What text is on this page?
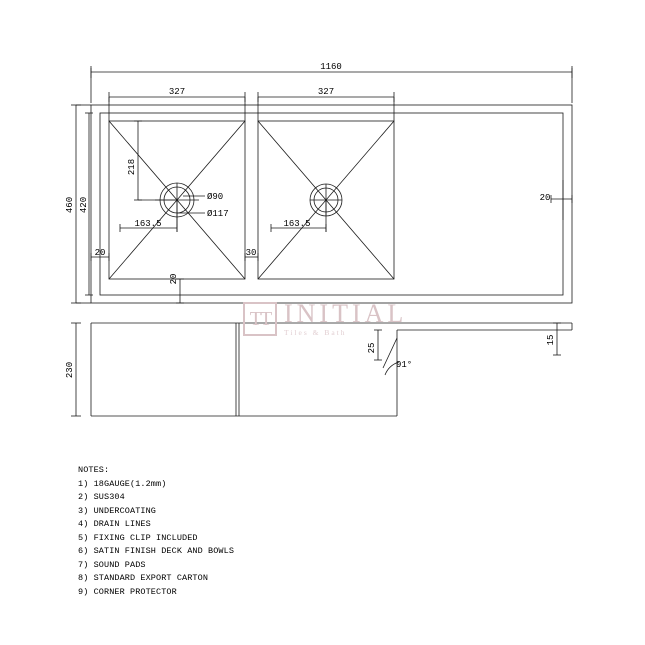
1160
327	327
460 420
218
163.5	163.5
Ø90
Ø117
20
20
30
20
230
25
15
91°
TT INITIAL
Tiles & Bath
NOTES:
1) 18GAUGE(1.2mm)
2) SUS304
3) UNDERCOATING
4) DRAIN LINES
5) FIXING CLIP INCLUDED
6) SATIN FINISH DECK AND BOWLS
7) SOUND PADS
8) STANDARD EXPORT CARTON
9) CORNER PROTECTOR
